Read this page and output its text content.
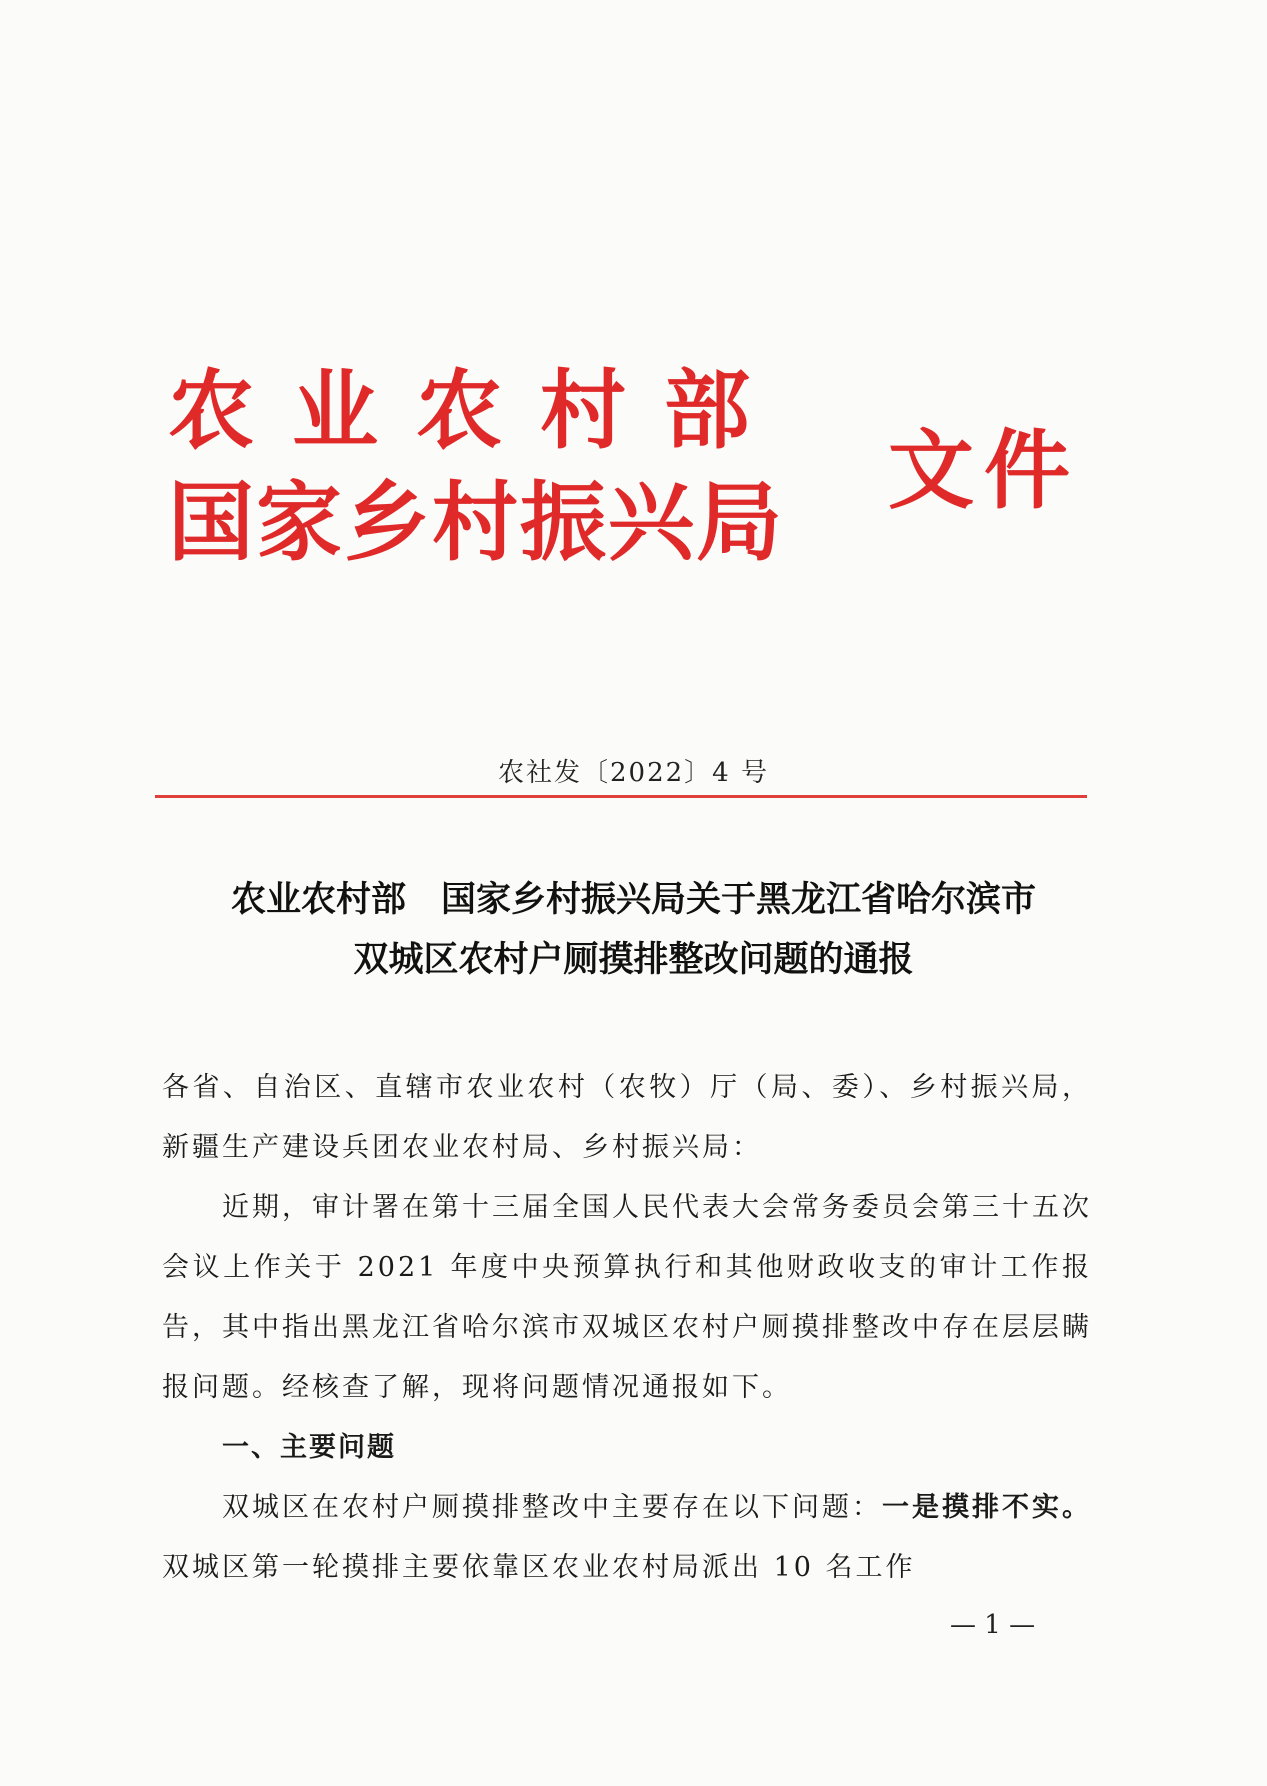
农业农村部
国家乡村振兴局
文件
农社发〔2022〕4 号
农业农村部　国家乡村振兴局关于黑龙江省哈尔滨市
双城区农村户厕摸排整改问题的通报

各省、自治区、直辖市农业农村（农牧）厅（局、委）、乡村振兴局，新疆生产建设兵团农业农村局、乡村振兴局：

近期，审计署在第十三届全国人民代表大会常务委员会第三十五次会议上作关于 2021 年度中央预算执行和其他财政收支的审计工作报告，其中指出黑龙江省哈尔滨市双城区农村户厕摸排整改中存在层层瞒报问题。经核查了解，现将问题情况通报如下。

一、主要问题

双城区在农村户厕摸排整改中主要存在以下问题：一是摸排不实。双城区第一轮摸排主要依靠区农业农村局派出 10 名工作

— 1 —
